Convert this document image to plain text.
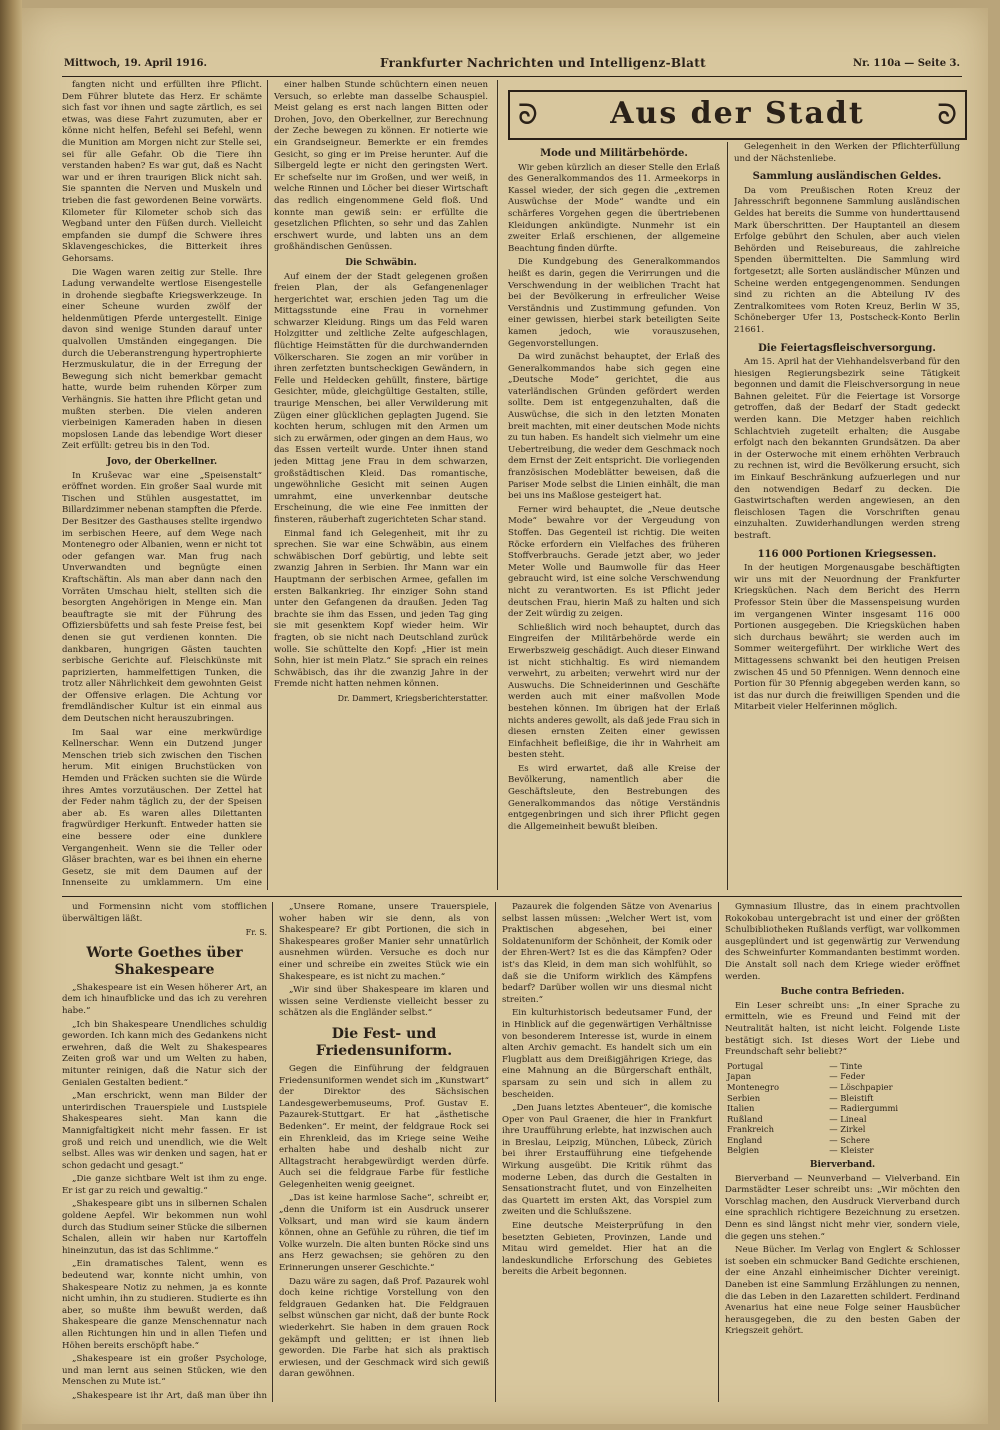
Mittwoch, 19. April 1916.	Frankfurter Nachrichten und Intelligenz-Blatt	Nr. 110a — Seite 3.

fangten nicht und erfüllten ihre Pflicht. Dem Führer blutete das Herz. Er schämte sich fast vor ihnen und sagte zärtlich, es sei etwas, was diese Fahrt zuzumuten, aber er könne nicht helfen, Befehl sei Befehl, wenn die Munition am Morgen nicht zur Stelle sei, sei für alle Gefahr. Ob die Tiere ihn verstanden haben? Es war gut, daß es Nacht war und er ihren traurigen Blick nicht sah. Sie spannten die Nerven und Muskeln und trieben die fast gewordenen Beine vorwärts. Kilometer für Kilometer schob sich das Wegband unter den Füßen durch. Vielleicht empfanden sie dumpf die Schwere ihres Sklavengeschickes, die Bitterkeit ihres Gehorsams.

Die Wagen waren zeitig zur Stelle. Ihre Ladung verwandelte wertlose Eisengestelle in drohende siegbafte Kriegswerkzeuge. In einer Scheune wurden zwölf der heldenmütigen Pferde untergestellt. Einige davon sind wenige Stunden darauf unter qualvollen Umständen eingegangen. Die durch die Ueberanstrengung hypertrophierte Herzmuskulatur, die in der Erregung der Bewegung sich nicht bemerkbar gemacht hatte, wurde beim ruhenden Körper zum Verhängnis. Sie hatten ihre Pflicht getan und mußten sterben. Die vielen anderen vierbeinigen Kameraden haben in diesen mopslosen Lande das lebendige Wort dieser Zeit erfüllt: getreu bis in den Tod.

Jovo, der Oberkellner.

In Kruševac war eine „Speisenstalt“ eröffnet worden. Ein großer Saal wurde mit Tischen und Stühlen ausgestattet, im Billardzimmer nebenan stampften die Pferde. Der Besitzer des Gasthauses stellte irgendwo im serbischen Heere, auf dem Wege nach Montenegro oder Albanien, wenn er nicht tot oder gefangen war. Man frug nach Unverwandten und begnügte einen Kraftschäftin. Als man aber dann nach den Vorräten Umschau hielt, stellten sich die besorgten Angehörigen in Menge ein. Man beauftragte sie mit der Führung des Offiziersbüfetts und sah feste Preise fest, bei denen sie gut verdienen konnten. Die dankbaren, hungrigen Gästen tauchten serbische Gerichte auf. Fleischkünste mit paprizierten, hammelfettigen Tunken, die trotz aller Nährlichkeit dem gewohnten Geist der Offensive erlagen. Die Achtung vor fremdländischer Kultur ist ein einmal aus dem Deutschen nicht herauszubringen.

Im Saal war eine merkwürdige Kellnerschar. Wenn ein Dutzend junger Menschen trieb sich zwischen den Tischen herum. Mit einigen Bruchstücken von Hemden und Fräcken suchten sie die Würde ihres Amtes vorzutäuschen. Der Zettel hat der Feder nahm täglich zu, der der Speisen aber ab. Es waren alles Dilettanten fragwürdiger Herkunft. Entweder hatten sie eine bessere oder eine dunklere Vergangenheit. Wenn sie die Teller oder Gläser brachten, war es bei ihnen ein eherne Gesetz, sie mit dem Daumen auf der Innenseite zu umklammern. Um eine

einer halben Stunde schüchtern einen neuen Versuch, so erlebte man dasselbe Schauspiel. Meist gelang es erst nach langen Bitten oder Drohen, Jovo, den Oberkellner, zur Berechnung der Zeche bewegen zu können. Er notierte wie ein Grandseigneur. Bemerkte er ein fremdes Gesicht, so ging er im Preise herunter. Auf die Silbergeld legte er nicht den geringsten Wert. Er schefselte nur im Großen, und wer weiß, in welche Rinnen und Löcher bei dieser Wirtschaft das redlich eingenommene Geld floß. Und konnte man gewiß sein: er erfüllte die gesetzlichen Pflichten, so sehr und das Zahlen erschwert wurde, und labten uns an dem großhändischen Genüssen.

Die Schwäbin.

Auf einem der der Stadt gelegenen großen freien Plan, der als Gefangenenlager hergerichtet war, erschien jeden Tag um die Mittagsstunde eine Frau in vornehmer schwarzer Kleidung. Rings um das Feld waren Holzgitter und zeltliche Zelte aufgeschlagen, flüchtige Heimstätten für die durchwandernden Völkerscharen. Sie zogen an mir vorüber in ihren zerfetzten buntscheckigen Gewändern, in Felle und Heldecken gehüllt, finstere, bärtige Gesichter, müde, gleichgültige Gestalten, stille, traurige Menschen, bei aller Verwilderung mit Zügen einer glücklichen geplagten Jugend. Sie kochten herum, schlugen mit den Armen um sich zu erwärmen, oder gingen an dem Haus, wo das Essen verteilt wurde. Unter ihnen stand jeden Mittag jene Frau in dem schwarzen, großstädtischen Kleid. Das romantische, ungewöhnliche Gesicht mit seinen Augen umrahmt, eine unverkennbar deutsche Erscheinung, die wie eine Fee inmitten der finsteren, räuberhaft zugerichteten Schar stand.

Einmal fand ich Gelegenheit, mit ihr zu sprechen. Sie war eine Schwäbin, aus einem schwäbischen Dorf gebürtig, und lebte seit zwanzig Jahren in Serbien. Ihr Mann war ein Hauptmann der serbischen Armee, gefallen im ersten Balkankrieg. Ihr einziger Sohn stand unter den Gefangenen da draußen. Jeden Tag brachte sie ihm das Essen, und jeden Tag ging sie mit gesenktem Kopf wieder heim. Wir fragten, ob sie nicht nach Deutschland zurück wolle. Sie schüttelte den Kopf: „Hier ist mein Sohn, hier ist mein Platz.“ Sie sprach ein reines Schwäbisch, das ihr die zwanzig Jahre in der Fremde nicht hatten nehmen können.

Dr. Dammert, Kriegsberichterstatter.
ᘐ	Aus der Stadt	ᘐ
Mode und Militärbehörde.

Wir geben kürzlich an dieser Stelle den Erlaß des Generalkommandos des 11. Armeekorps in Kassel wieder, der sich gegen die „extremen Auswüchse der Mode“ wandte und ein schärferes Vorgehen gegen die übertriebenen Kleidungen ankündigte. Nunmehr ist ein zweiter Erlaß erschienen, der allgemeine Beachtung finden dürfte.

Die Kundgebung des Generalkommandos heißt es darin, gegen die Verirrungen und die Verschwendung in der weiblichen Tracht hat bei der Bevölkerung in erfreulicher Weise Verständnis und Zustimmung gefunden. Von einer gewissen, hierbei stark beteiligten Seite kamen jedoch, wie vorauszusehen, Gegenvorstellungen.

Da wird zunächst behauptet, der Erlaß des Generalkommandos habe sich gegen eine „Deutsche Mode“ gerichtet, die aus vaterländischen Gründen gefördert werden sollte. Dem ist entgegenzuhalten, daß die Auswüchse, die sich in den letzten Monaten breit machten, mit einer deutschen Mode nichts zu tun haben. Es handelt sich vielmehr um eine Uebertreibung, die weder dem Geschmack noch dem Ernst der Zeit entspricht. Die vorliegenden französischen Modeblätter beweisen, daß die Pariser Mode selbst die Linien einhält, die man bei uns ins Maßlose gesteigert hat.

Ferner wird behauptet, die „Neue deutsche Mode“ bewahre vor der Vergeudung von Stoffen. Das Gegenteil ist richtig. Die weiten Röcke erfordern ein Vielfaches des früheren Stoffverbrauchs. Gerade jetzt aber, wo jeder Meter Wolle und Baumwolle für das Heer gebraucht wird, ist eine solche Verschwendung nicht zu verantworten. Es ist Pflicht jeder deutschen Frau, hierin Maß zu halten und sich der Zeit würdig zu zeigen.

Schließlich wird noch behauptet, durch das Eingreifen der Militärbehörde werde ein Erwerbszweig geschädigt. Auch dieser Einwand ist nicht stichhaltig. Es wird niemandem verwehrt, zu arbeiten; verwehrt wird nur der Auswuchs. Die Schneiderinnen und Geschäfte werden auch mit einer maßvollen Mode bestehen können. Im übrigen hat der Erlaß nichts anderes gewollt, als daß jede Frau sich in diesen ernsten Zeiten einer gewissen Einfachheit befleißige, die ihr in Wahrheit am besten steht.

Es wird erwartet, daß alle Kreise der Bevölkerung, namentlich aber die Geschäftsleute, den Bestrebungen des Generalkommandos das nötige Verständnis entgegenbringen und sich ihrer Pflicht gegen die Allgemeinheit bewußt bleiben.

Gelegenheit in den Werken der Pflichterfüllung und der Nächstenliebe.

Sammlung ausländischen Geldes.

Da vom Preußischen Roten Kreuz der Jahresschrift begonnene Sammlung ausländischen Geldes hat bereits die Summe von hunderttausend Mark überschritten. Der Hauptanteil an diesem Erfolge gebührt den Schulen, aber auch vielen Behörden und Reisebureaus, die zahlreiche Spenden übermittelten. Die Sammlung wird fortgesetzt; alle Sorten ausländischer Münzen und Scheine werden entgegengenommen. Sendungen sind zu richten an die Abteilung IV des Zentralkomitees vom Roten Kreuz, Berlin W 35, Schöneberger Ufer 13, Postscheck-Konto Berlin 21661.

Die Feiertagsfleischversorgung.

Am 15. April hat der Viehhandelsverband für den hiesigen Regierungsbezirk seine Tätigkeit begonnen und damit die Fleischversorgung in neue Bahnen geleitet. Für die Feiertage ist Vorsorge getroffen, daß der Bedarf der Stadt gedeckt werden kann. Die Metzger haben reichlich Schlachtvieh zugeteilt erhalten; die Ausgabe erfolgt nach den bekannten Grundsätzen. Da aber in der Osterwoche mit einem erhöhten Verbrauch zu rechnen ist, wird die Bevölkerung ersucht, sich im Einkauf Beschränkung aufzuerlegen und nur den notwendigen Bedarf zu decken. Die Gastwirtschaften werden angewiesen, an den fleischlosen Tagen die Vorschriften genau einzuhalten. Zuwiderhandlungen werden streng bestraft.

116 000 Portionen Kriegsessen.

In der heutigen Morgenausgabe beschäftigten wir uns mit der Neuordnung der Frankfurter Kriegsküchen. Nach dem Bericht des Herrn Professor Stein über die Massenspeisung wurden im vergangenen Winter insgesamt 116 000 Portionen ausgegeben. Die Kriegsküchen haben sich durchaus bewährt; sie werden auch im Sommer weitergeführt. Der wirkliche Wert des Mittagessens schwankt bei den heutigen Preisen zwischen 45 und 50 Pfennigen. Wenn dennoch eine Portion für 30 Pfennig abgegeben werden kann, so ist das nur durch die freiwilligen Spenden und die Mitarbeit vieler Helferinnen möglich.

und Formensinn nicht vom stofflichen überwältigen läßt.

Fr. S.
Worte Goethes über Shakespeare

„Shakespeare ist ein Wesen höherer Art, an dem ich hinaufblicke und das ich zu verehren habe.“

„Ich bin Shakespeare Unendliches schuldig geworden. Ich kann mich des Gedankens nicht erwehren, daß die Welt zu Shakespeares Zeiten groß war und um Welten zu haben, mitunter reinigen, daß die Natur sich der Genialen Gestalten bedient.“

„Man erschrickt, wenn man Bilder der unterirdischen Trauerspiele und Lustspiele Shakespeares sieht. Man kann die Mannigfaltigkeit nicht mehr fassen. Er ist groß und reich und unendlich, wie die Welt selbst. Alles was wir denken und sagen, hat er schon gedacht und gesagt.“

„Die ganze sichtbare Welt ist ihm zu enge. Er ist gar zu reich und gewaltig.“

„Shakespeare gibt uns in silbernen Schalen goldene Aepfel. Wir bekommen nun wohl durch das Studium seiner Stücke die silbernen Schalen, allein wir haben nur Kartoffeln hineinzutun, das ist das Schlimme.“

„Ein dramatisches Talent, wenn es bedeutend war, konnte nicht umhin, von Shakespeare Notiz zu nehmen, ja es konnte nicht umhin, ihn zu studieren. Studierte es ihn aber, so mußte ihm bewußt werden, daß Shakespeare die ganze Menschennatur nach allen Richtungen hin und in allen Tiefen und Höhen bereits erschöpft habe.“

„Shakespeare ist ein großer Psychologe, und man lernt aus seinen Stücken, wie den Menschen zu Mute ist.“

„Shakespeare ist ihr Art, daß man über ihn

„Unsere Romane, unsere Trauerspiele, woher haben wir sie denn, als von Shakespeare? Er gibt Portionen, die sich in Shakespeares großer Manier sehr unnatürlich ausnehmen würden. Versuche es doch nur einer und schreibe ein zweites Stück wie ein Shakespeare, es ist nicht zu machen.“

„Wir sind über Shakespeare im klaren und wissen seine Verdienste vielleicht besser zu schätzen als die Engländer selbst.“

Die Fest- und Friedensuniform.

Gegen die Einführung der feldgrauen Friedensuniformen wendet sich im „Kunstwart“ der Direktor des Sächsischen Landesgewerbemuseums, Prof. Gustav E. Pazaurek-Stuttgart. Er hat „ästhetische Bedenken“. Er meint, der feldgraue Rock sei ein Ehrenkleid, das im Kriege seine Weihe erhalten habe und deshalb nicht zur Alltagstracht herabgewürdigt werden dürfe. Auch sei die feldgraue Farbe für festliche Gelegenheiten wenig geeignet.

„Das ist keine harmlose Sache“, schreibt er, „denn die Uniform ist ein Ausdruck unserer Volksart, und man wird sie kaum ändern können, ohne an Gefühle zu rühren, die tief im Volke wurzeln. Die alten bunten Röcke sind uns ans Herz gewachsen; sie gehören zu den Erinnerungen unserer Geschichte.“

Dazu wäre zu sagen, daß Prof. Pazaurek wohl doch keine richtige Vorstellung von den feldgrauen Gedanken hat. Die Feldgrauen selbst wünschen gar nicht, daß der bunte Rock wiederkehrt. Sie haben in dem grauen Rock gekämpft und gelitten; er ist ihnen lieb geworden. Die Farbe hat sich als praktisch erwiesen, und der Geschmack wird sich gewiß daran gewöhnen.

Pazaurek die folgenden Sätze von Avenarius selbst lassen müssen: „Welcher Wert ist, vom Praktischen abgesehen, bei einer Soldatenuniform der Schönheit, der Komik oder der Ehren-Wert? Ist es die das Kämpfen? Oder ist's das Kleid, in dem man sich wohlfühlt, so daß sie die Uniform wirklich des Kämpfens bedarf? Darüber wollen wir uns diesmal nicht streiten.“

Ein kulturhistorisch bedeutsamer Fund, der in Hinblick auf die gegenwärtigen Verhältnisse von besonderem Interesse ist, wurde in einem alten Archiv gemacht. Es handelt sich um ein Flugblatt aus dem Dreißigjährigen Kriege, das eine Mahnung an die Bürgerschaft enthält, sparsam zu sein und sich in allem zu bescheiden.

„Den Juans letztes Abenteuer“, die komische Oper von Paul Graener, die hier in Frankfurt ihre Uraufführung erlebte, hat inzwischen auch in Breslau, Leipzig, München, Lübeck, Zürich bei ihrer Erstaufführung eine tiefgehende Wirkung ausgeübt. Die Kritik rühmt das moderne Leben, das durch die Gestalten in Sensationstracht flutet, und von Einzelheiten das Quartett im ersten Akt, das Vorspiel zum zweiten und die Schlußszene.

Eine deutsche Meisterprüfung in den besetzten Gebieten, Provinzen, Lande und Mitau wird gemeldet. Hier hat an die landeskundliche Erforschung des Gebietes bereits die Arbeit begonnen.

Gymnasium Illustre, das in einem prachtvollen Rokokobau untergebracht ist und einer der größten Schulbibliotheken Rußlands verfügt, war vollkommen ausgeplündert und ist gegenwärtig zur Verwendung des Schweinfurter Kommandanten bestimmt worden. Die Anstalt soll nach dem Kriege wieder eröffnet werden.

Buche contra Befrieden.

Ein Leser schreibt uns: „In einer Sprache zu ermitteln, wie es Freund und Feind mit der Neutralität halten, ist nicht leicht. Folgende Liste bestätigt sich. Ist dieses Wort der Liebe und Freundschaft sehr beliebt?“

Portugal	— Tinte
Japan	— Feder
Montenegro	— Löschpapier
Serbien	— Bleistift
Italien	— Radiergummi
Rußland	— Lineal
Frankreich	— Zirkel
England	— Schere
Belgien	— Kleister
Bierverband.

Bierverband — Neunverband — Vielverband. Ein Darmstädter Leser schreibt uns: „Wir möchten den Vorschlag machen, den Ausdruck Vierverband durch eine sprachlich richtigere Bezeichnung zu ersetzen. Denn es sind längst nicht mehr vier, sondern viele, die gegen uns stehen.“

Neue Bücher. Im Verlag von Englert & Schlosser ist soeben ein schmucker Band Gedichte erschienen, der eine Anzahl einheimischer Dichter vereinigt. Daneben ist eine Sammlung Erzählungen zu nennen, die das Leben in den Lazaretten schildert. Ferdinand Avenarius hat eine neue Folge seiner Hausbücher herausgegeben, die zu den besten Gaben der Kriegszeit gehört.
